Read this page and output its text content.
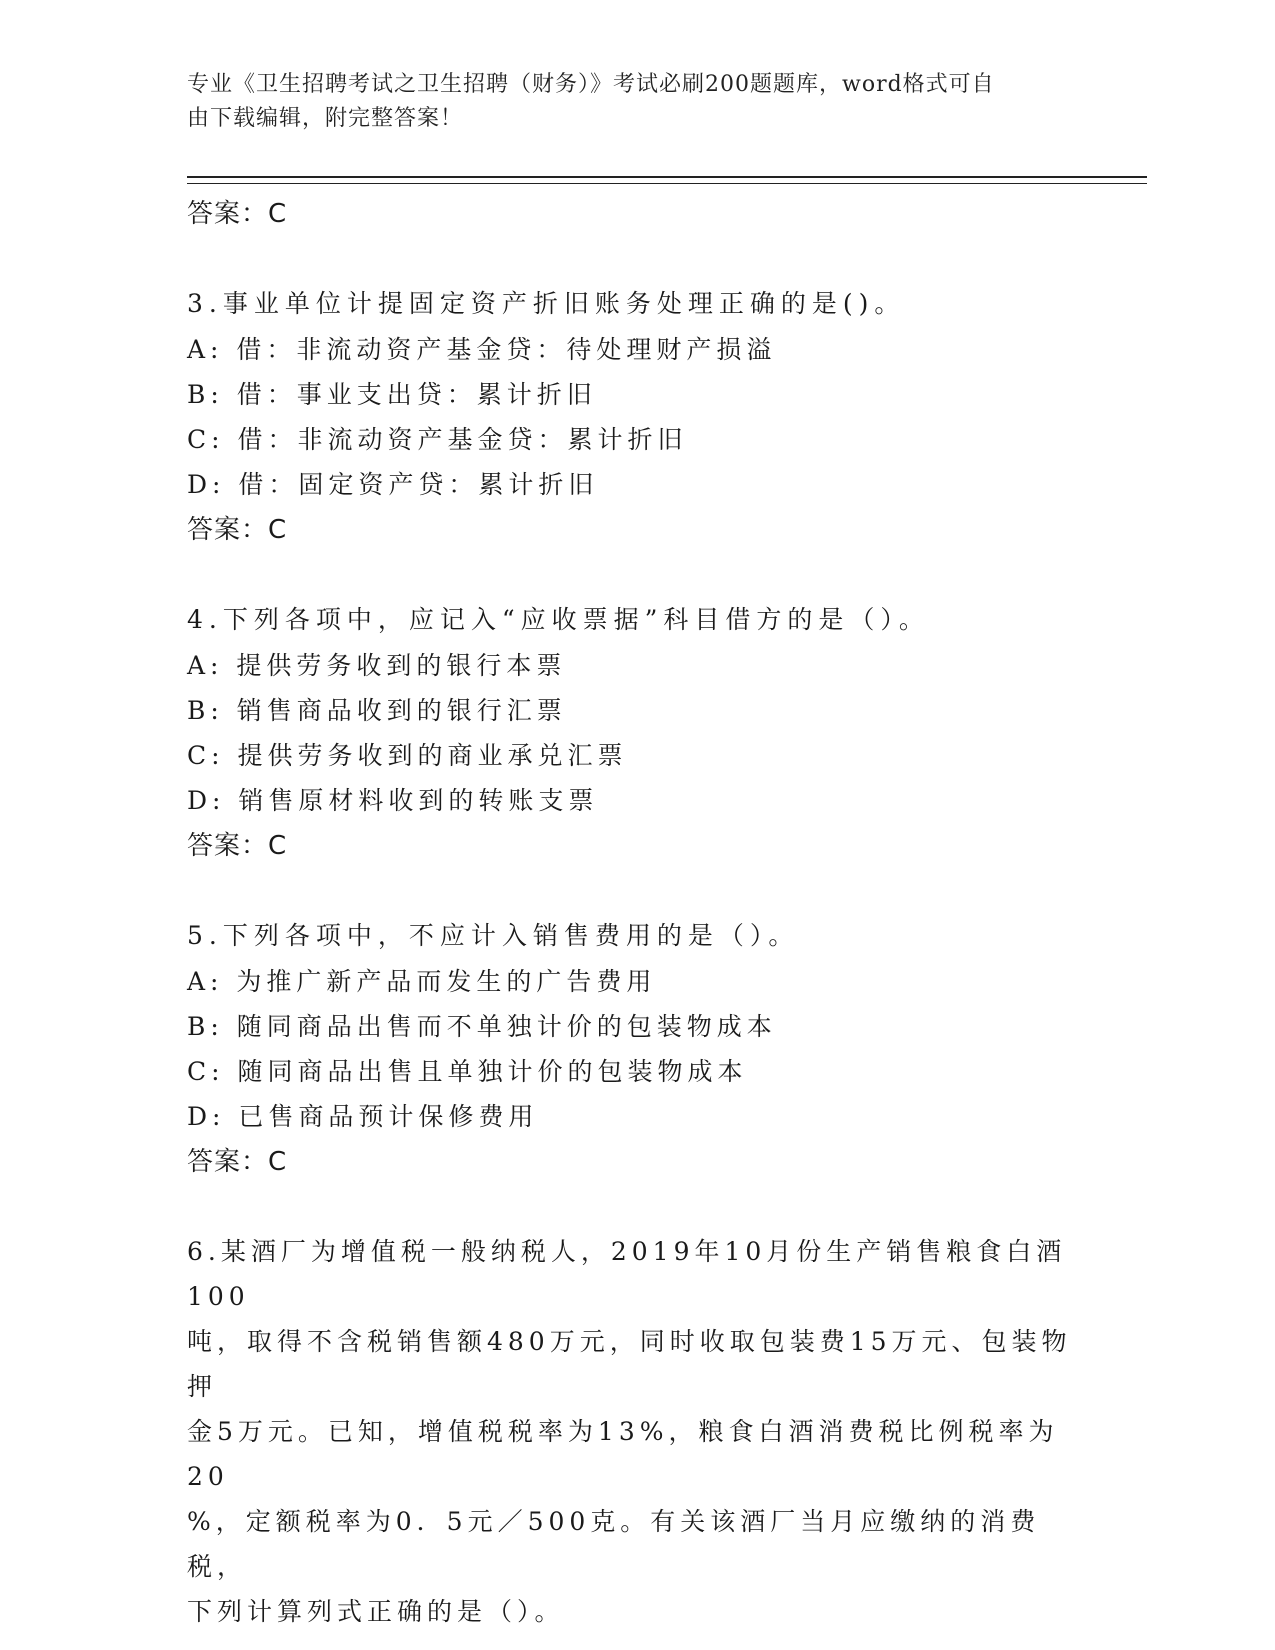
专业《卫生招聘考试之卫生招聘（财务）》考试必刷200题题库，word格式可自
由下载编辑，附完整答案！
答案：C
3.事业单位计提固定资产折旧账务处理正确的是()。
A: 借：非流动资产基金贷：待处理财产损溢
B: 借：事业支出贷：累计折旧
C: 借：非流动资产基金贷：累计折旧
D: 借：固定资产贷：累计折旧
答案：C
4.下列各项中，应记入“应收票据”科目借方的是（）。
A: 提供劳务收到的银行本票
B: 销售商品收到的银行汇票
C: 提供劳务收到的商业承兑汇票
D: 销售原材料收到的转账支票
答案：C
5.下列各项中，不应计入销售费用的是（）。
A: 为推广新产品而发生的广告费用
B: 随同商品出售而不单独计价的包装物成本
C: 随同商品出售且单独计价的包装物成本
D: 已售商品预计保修费用
答案：C
6.某酒厂为增值税一般纳税人，2019年10月份生产销售粮食白酒100
吨，取得不含税销售额480万元，同时收取包装费15万元、包装物押
金5万元。已知，增值税税率为13%，粮食白酒消费税比例税率为20
%，定额税率为0．5元／500克。有关该酒厂当月应缴纳的消费税，
下列计算列式正确的是（）。
